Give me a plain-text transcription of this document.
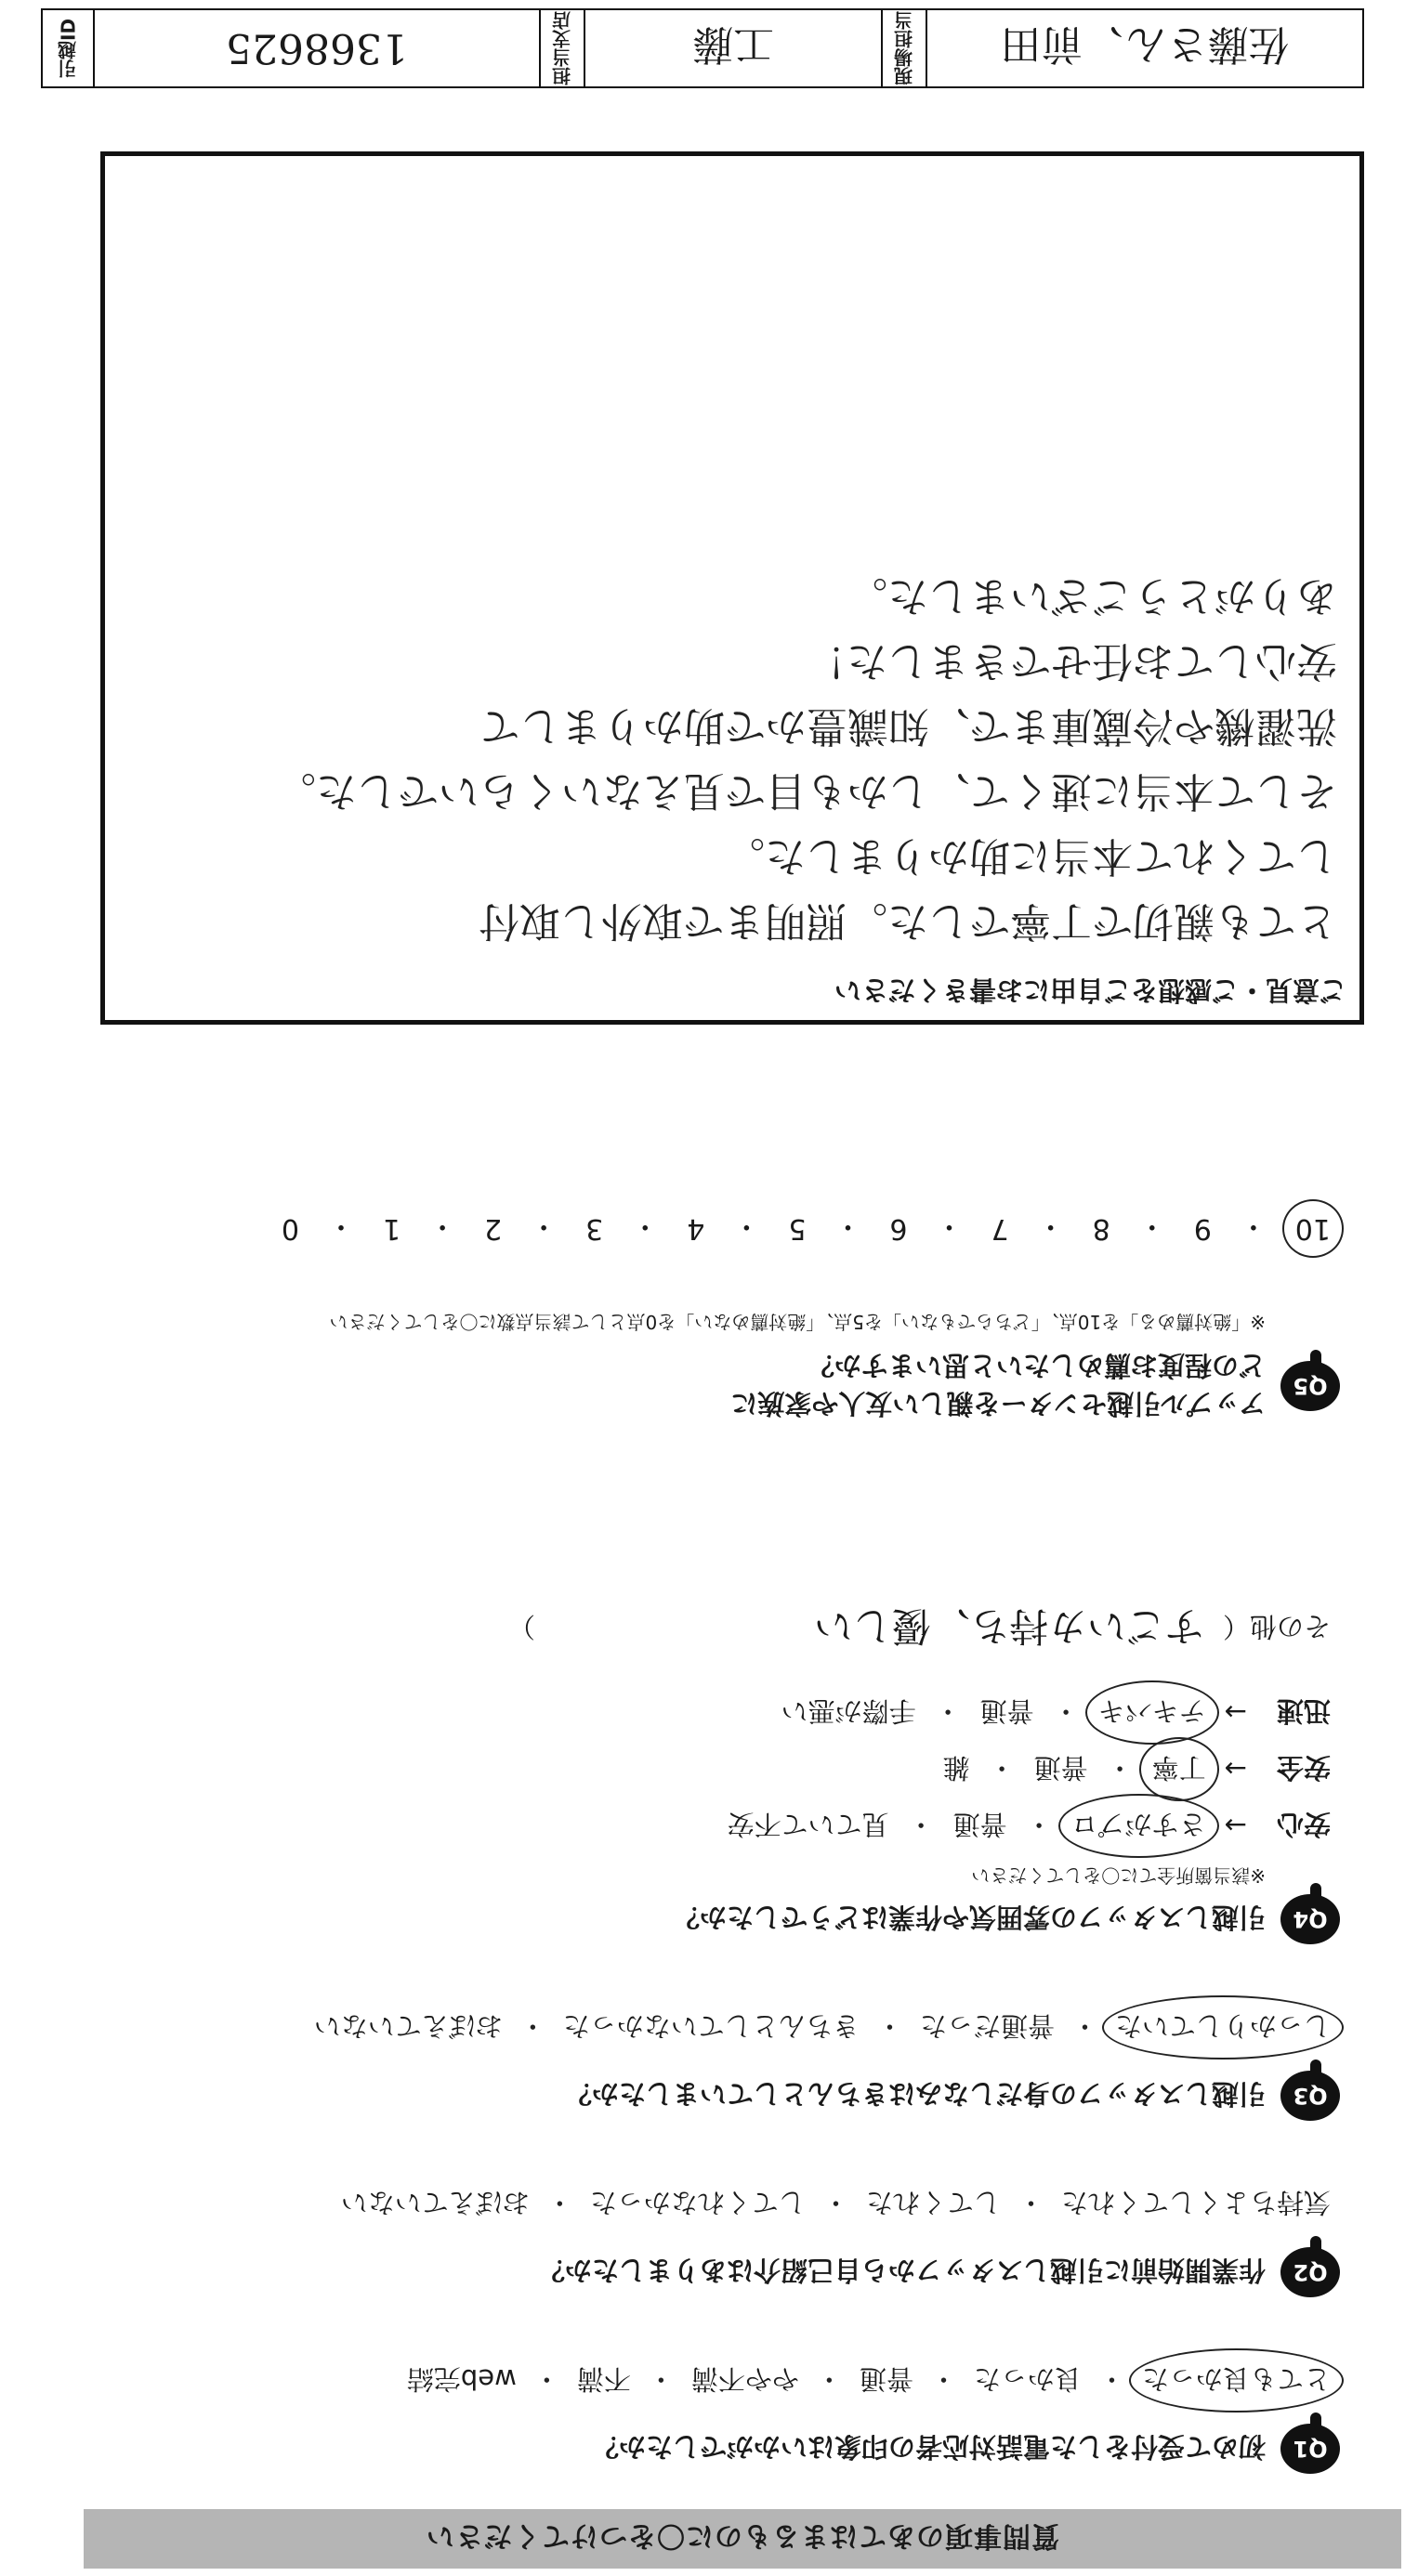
質問事項のあてはまるものに〇をつけてください
Q1
初めて受付をした電話対応者の印象はいかがでしたか？
とても良かった
・
良かった
・
普通
・
やや不満
・
不満
・
web完結
Q2
作業開始前に引越しスタッフから自己紹介はありましたか？
気持ちよくしてくれた
・
してくれた
・
してくれなかった
・
おぼえていない
Q3
引越しスタッフの身だしなみはきちんとしていましたか？
しっかりしていた
・
普通だった
・
きちんとしていなかった
・
おぼえていない
Q4
引越しスタッフの雰囲気や作業はどうでしたか？
※該当箇所全てに〇をしてください
安心
→
さすがプロ
・
普通
・
見ていて不安
安全
→
丁寧
・
普通
・
雑
迅速
→
テキパキ
・
普通
・
手際が悪い
その他（
すごいカ持ち、優しい
）
Q5
アップル引越センターを親しい友人や家族に
どの程度お薦めしたいと思いますか？
※「絶対薦める」を10点、「どちらでもない」を5点、「絶対薦めない」を0点として該当点数に〇をしてください
10
・
9
・
8
・
7
・
6
・
5
・
4
・
3
・
2
・
1
・
0
ご意見・ご感想をご自由にお書きください
とても親切で丁寧でした。照明まで取外し取付
してくれて本当に助かりました。
そして本当に速くて、しかも目で見えないくらいでした。
洗濯機や冷蔵庫まで、知識豊かで助かりまして
安心してお任せできました！
ありがとうございました。
佐藤さん、前田
現場担当
工藤
担当支店
1368625
引越ID
